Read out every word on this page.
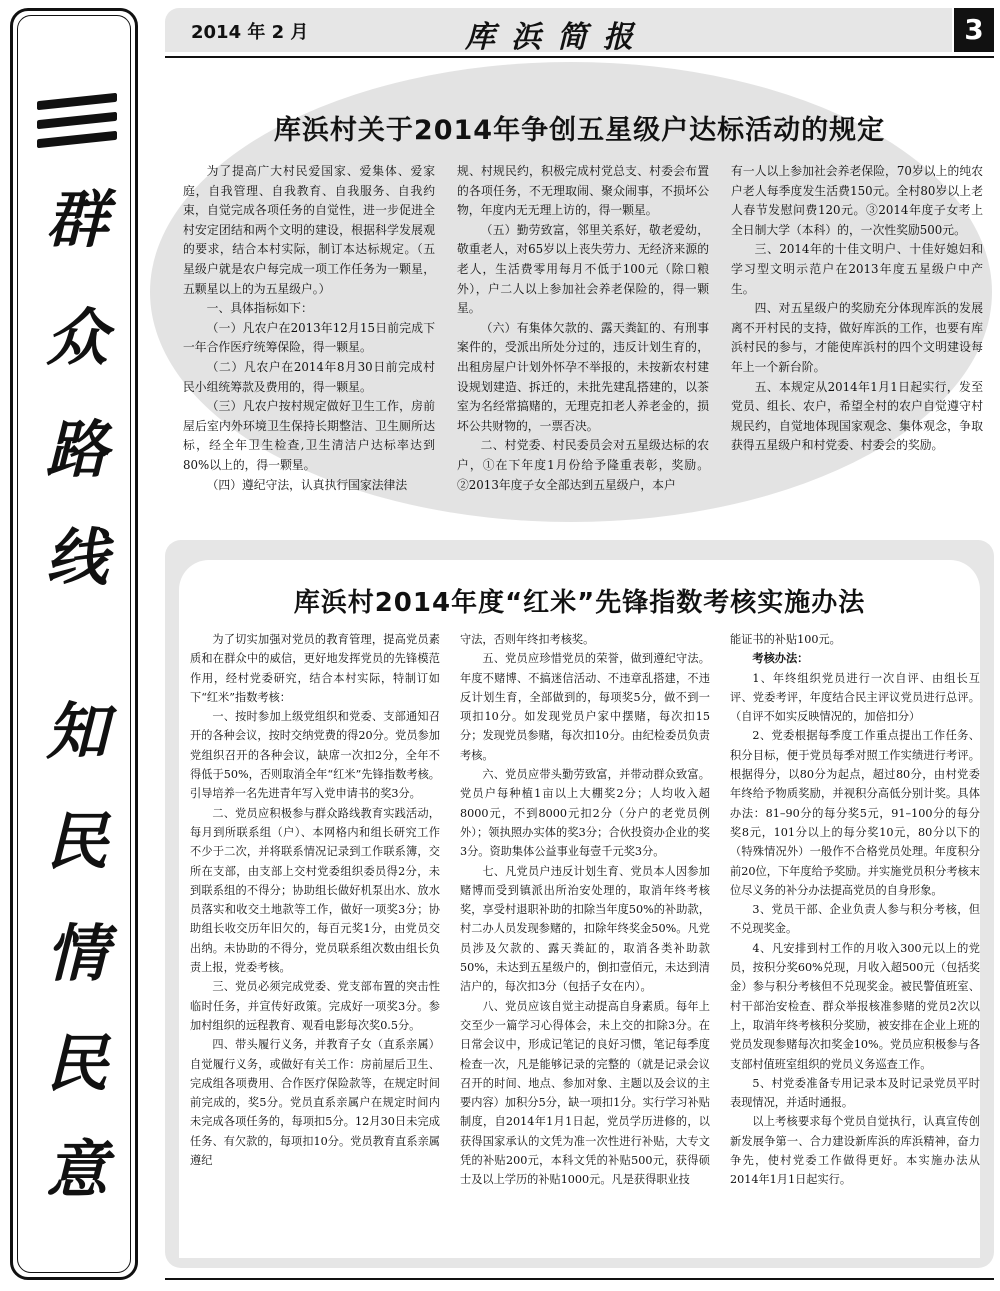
群
众
路
线
知
民
情
民
意
2014 年 2 月	库浜简报	3
库浜村关于2014年争创五星级户达标活动的规定

为了提高广大村民爱国家、爱集体、爱家庭，自我管理、自我教育、自我服务、自我约束，自觉完成各项任务的自觉性，进一步促进全村安定团结和两个文明的建设，根据科学发展观的要求，结合本村实际，制订本达标规定。（五星级户就是农户每完成一项工作任务为一颗星，五颗星以上的为五星级户。）

一、具体指标如下：

（一）凡农户在2013年12月15日前完成下一年合作医疗统筹保险，得一颗星。

（二）凡农户在2014年8月30日前完成村民小组统筹款及费用的，得一颗星。

（三）凡农户按村规定做好卫生工作，房前屋后室内外环境卫生保持长期整洁、卫生厕所达标，经全年卫生检查,卫生清洁户达标率达到80%以上的，得一颗星。

（四）遵纪守法，认真执行国家法律法

规、村规民约，积极完成村党总支、村委会布置的各项任务，不无理取闹、聚众闹事，不损坏公物，年度内无无理上访的，得一颗星。

（五）勤劳致富，邻里关系好，敬老爱幼，敬重老人，对65岁以上丧失劳力、无经济来源的老人，生活费零用每月不低于100元（除口粮外），户二人以上参加社会养老保险的，得一颗星。

（六）有集体欠款的、露天粪缸的、有刑事案件的，受派出所处分过的，违反计划生育的，出租房屋户计划外怀孕不举报的，未按新农村建设规划建造、拆迁的，未批先建乱搭建的，以茶室为名经常搞赌的，无理克扣老人养老金的，损坏公共财物的，一票否决。

二、村党委、村民委员会对五星级达标的农户，①在下年度1月份给予隆重表彰，奖励。②2013年度子女全部达到五星级户，本户

有一人以上参加社会养老保险，70岁以上的纯农户老人每季度发生活费150元。全村80岁以上老人春节发慰问费120元。③2014年度子女考上全日制大学（本科）的，一次性奖励500元。

三、2014年的十佳文明户、十佳好媳妇和学习型文明示范户在2013年度五星级户中产生。

四、对五星级户的奖励充分体现库浜的发展离不开村民的支持，做好库浜的工作，也要有库浜村民的参与，才能使库浜村的四个文明建设每年上一个新台阶。

五、本规定从2014年1月1日起实行，发至党员、组长、农户，希望全村的农户自觉遵守村规民约，自觉地体现国家观念、集体观念，争取获得五星级户和村党委、村委会的奖励。

库浜村2014年度“红米”先锋指数考核实施办法

为了切实加强对党员的教育管理，提高党员素质和在群众中的威信，更好地发挥党员的先锋模范作用，经村党委研究，结合本村实际，特制订如下“红米”指数考核：

一、按时参加上级党组织和党委、支部通知召开的各种会议，按时交纳党费的得20分。党员参加党组织召开的各种会议，缺席一次扣2分，全年不得低于50%，否则取消全年“红米”先锋指数考核。引导培养一名先进青年写入党申请书的奖3分。

二、党员应积极参与群众路线教育实践活动，每月到所联系组（户）、本网格内和组长研究工作不少于二次，并将联系情况记录到工作联系簿，交所在支部，由支部上交村党委组织委员得2分，未到联系组的不得分；协助组长做好机泵出水、放水员落实和收交土地款等工作，做好一项奖3分；协助组长收交历年旧欠的，每百元奖1分，由党员交出纳。未协助的不得分，党员联系组次数由组长负责上报，党委考核。

三、党员必须完成党委、党支部布置的突击性临时任务，并宣传好政策。完成好一项奖3分。参加村组织的远程教育、观看电影每次奖0.5分。

四、带头履行义务，并教育子女（直系亲属）自觉履行义务，或做好有关工作：房前屋后卫生、完成组各项费用、合作医疗保险款等，在规定时间前完成的，奖5分。党员直系亲属户在规定时间内未完成各项任务的，每项扣5分。12月30日未完成任务、有欠款的，每项扣10分。党员教育直系亲属遵纪

守法，否则年终扣考核奖。

五、党员应珍惜党员的荣誉，做到遵纪守法。年度不赌博、不搞迷信活动、不违章乱搭建，不违反计划生育，全部做到的，每项奖5分，做不到一项扣10分。如发现党员户家中摆赌，每次扣15分；发现党员参赌，每次扣10分。由纪检委员负责考核。

六、党员应带头勤劳致富，并带动群众致富。党员户每种植1亩以上大棚奖2分；人均收入超8000元，不到8000元扣2分（分户的老党员例外）；领执照办实体的奖3分；合伙投资办企业的奖3分。资助集体公益事业每壹千元奖3分。

七、凡党员户违反计划生育、党员本人因参加赌博而受到镇派出所治安处理的，取消年终考核奖，享受村退职补助的扣除当年度50%的补助款，村二办人员发现参赌的，扣除年终奖金50%。凡党员涉及欠款的、露天粪缸的，取消各类补助款50%，未达到五星级户的，倒扣壹佰元，未达到清洁户的，每次扣3分（包括子女在内）。

八、党员应该自觉主动提高自身素质。每年上交至少一篇学习心得体会，未上交的扣除3分。在日常会议中，形成记笔记的良好习惯，笔记每季度检查一次，凡是能够记录的完整的（就是记录会议召开的时间、地点、参加对象、主题以及会议的主要内容）加积分5分，缺一项扣1分。实行学习补贴制度，自2014年1月1日起，党员学历进修的，以获得国家承认的文凭为准一次性进行补贴，大专文凭的补贴200元，本科文凭的补贴500元，获得硕士及以上学历的补贴1000元。凡是获得职业技

能证书的补贴100元。

考核办法：

1、年终组织党员进行一次自评、由组长互评、党委考评，年度结合民主评议党员进行总评。（自评不如实反映情况的，加倍扣分）

2、党委根据每季度工作重点提出工作任务、积分目标，便于党员每季对照工作实绩进行考评。根据得分，以80分为起点，超过80分，由村党委年终给予物质奖励，并视积分高低分别计奖。具体办法：81–90分的每分奖5元，91–100分的每分奖8元，101分以上的每分奖10元，80分以下的（特殊情况外）一般作不合格党员处理。年度积分前20位，下年度给予奖励。并实施党员积分考核末位尽义务的补分办法提高党员的自身形象。

3、党员干部、企业负责人参与积分考核，但不兑现奖金。

4、凡安排到村工作的月收入300元以上的党员，按积分奖60%兑现，月收入超500元（包括奖金）参与积分考核但不兑现奖金。被民警值班室、村干部治安检查、群众举报核准参赌的党员2次以上，取消年终考核积分奖励，被安排在企业上班的党员发现参赌每次扣奖金10%。党员应积极参与各支部村值班室组织的党员义务巡查工作。

5、村党委准备专用记录本及时记录党员平时表现情况，并适时通报。

以上考核要求每个党员自觉执行，认真宣传创新发展争第一、合力建设新库浜的库浜精神，奋力争先，使村党委工作做得更好。本实施办法从2014年1月1日起实行。
